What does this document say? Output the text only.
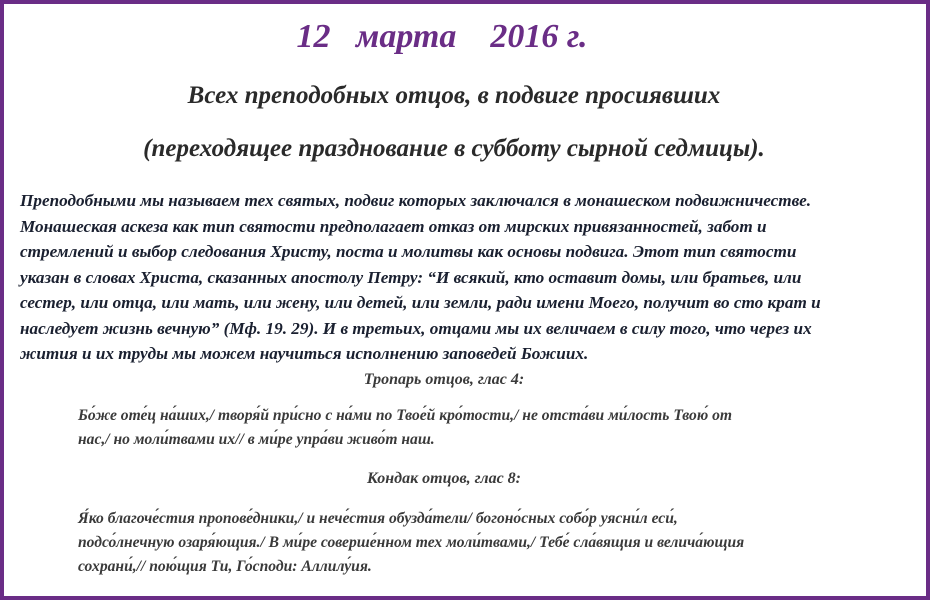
12   марта    2016 г.
Всех преподобных отцов, в подвиге просиявших
(переходящее празднование в субботу сырной седмицы).
Преподобными мы называем тех святых, подвиг которых заключался в монашеском подвижничестве.
Монашеская аскеза как тип святости предполагает отказ от мирских привязанностей, забот и
стремлений и выбор следования Христу, поста и молитвы как основы подвига. Этот тип святости
указан в словах Христа, сказанных апостолу Петру: “И всякий, кто оставит домы, или братьев, или
сестер, или отца, или мать, или жену, или детей, или земли, ради имени Моего, получит во сто крат и
наследует жизнь вечную” (Мф. 19. 29). И в третьих, отцами мы их величаем в силу того, что через их
жития и их труды мы можем научиться исполнению заповедей Божиих.
Тропарь отцов, глас 4:
Бо́же оте́ц на́ших,/ творя́й при́сно с на́ми по Твое́й кро́тости,/ не отста́ви ми́лость Твою́ от
нас,/ но моли́твами их// в ми́ре упра́ви живо́т наш.
Кондак отцов, глас 8:
Я́ко благоче́стия пропове́дники,/ и нече́стия обузда́тели/ богоно́сных собо́р уясни́л еси́,
подсо́лнечную озаря́ющия./ В ми́ре соверше́нном тех моли́твами,/ Тебе́ сла́вящия и велича́ющия
сохрани́,// пою́щия Ти, Го́споди: Аллилу́ия.
